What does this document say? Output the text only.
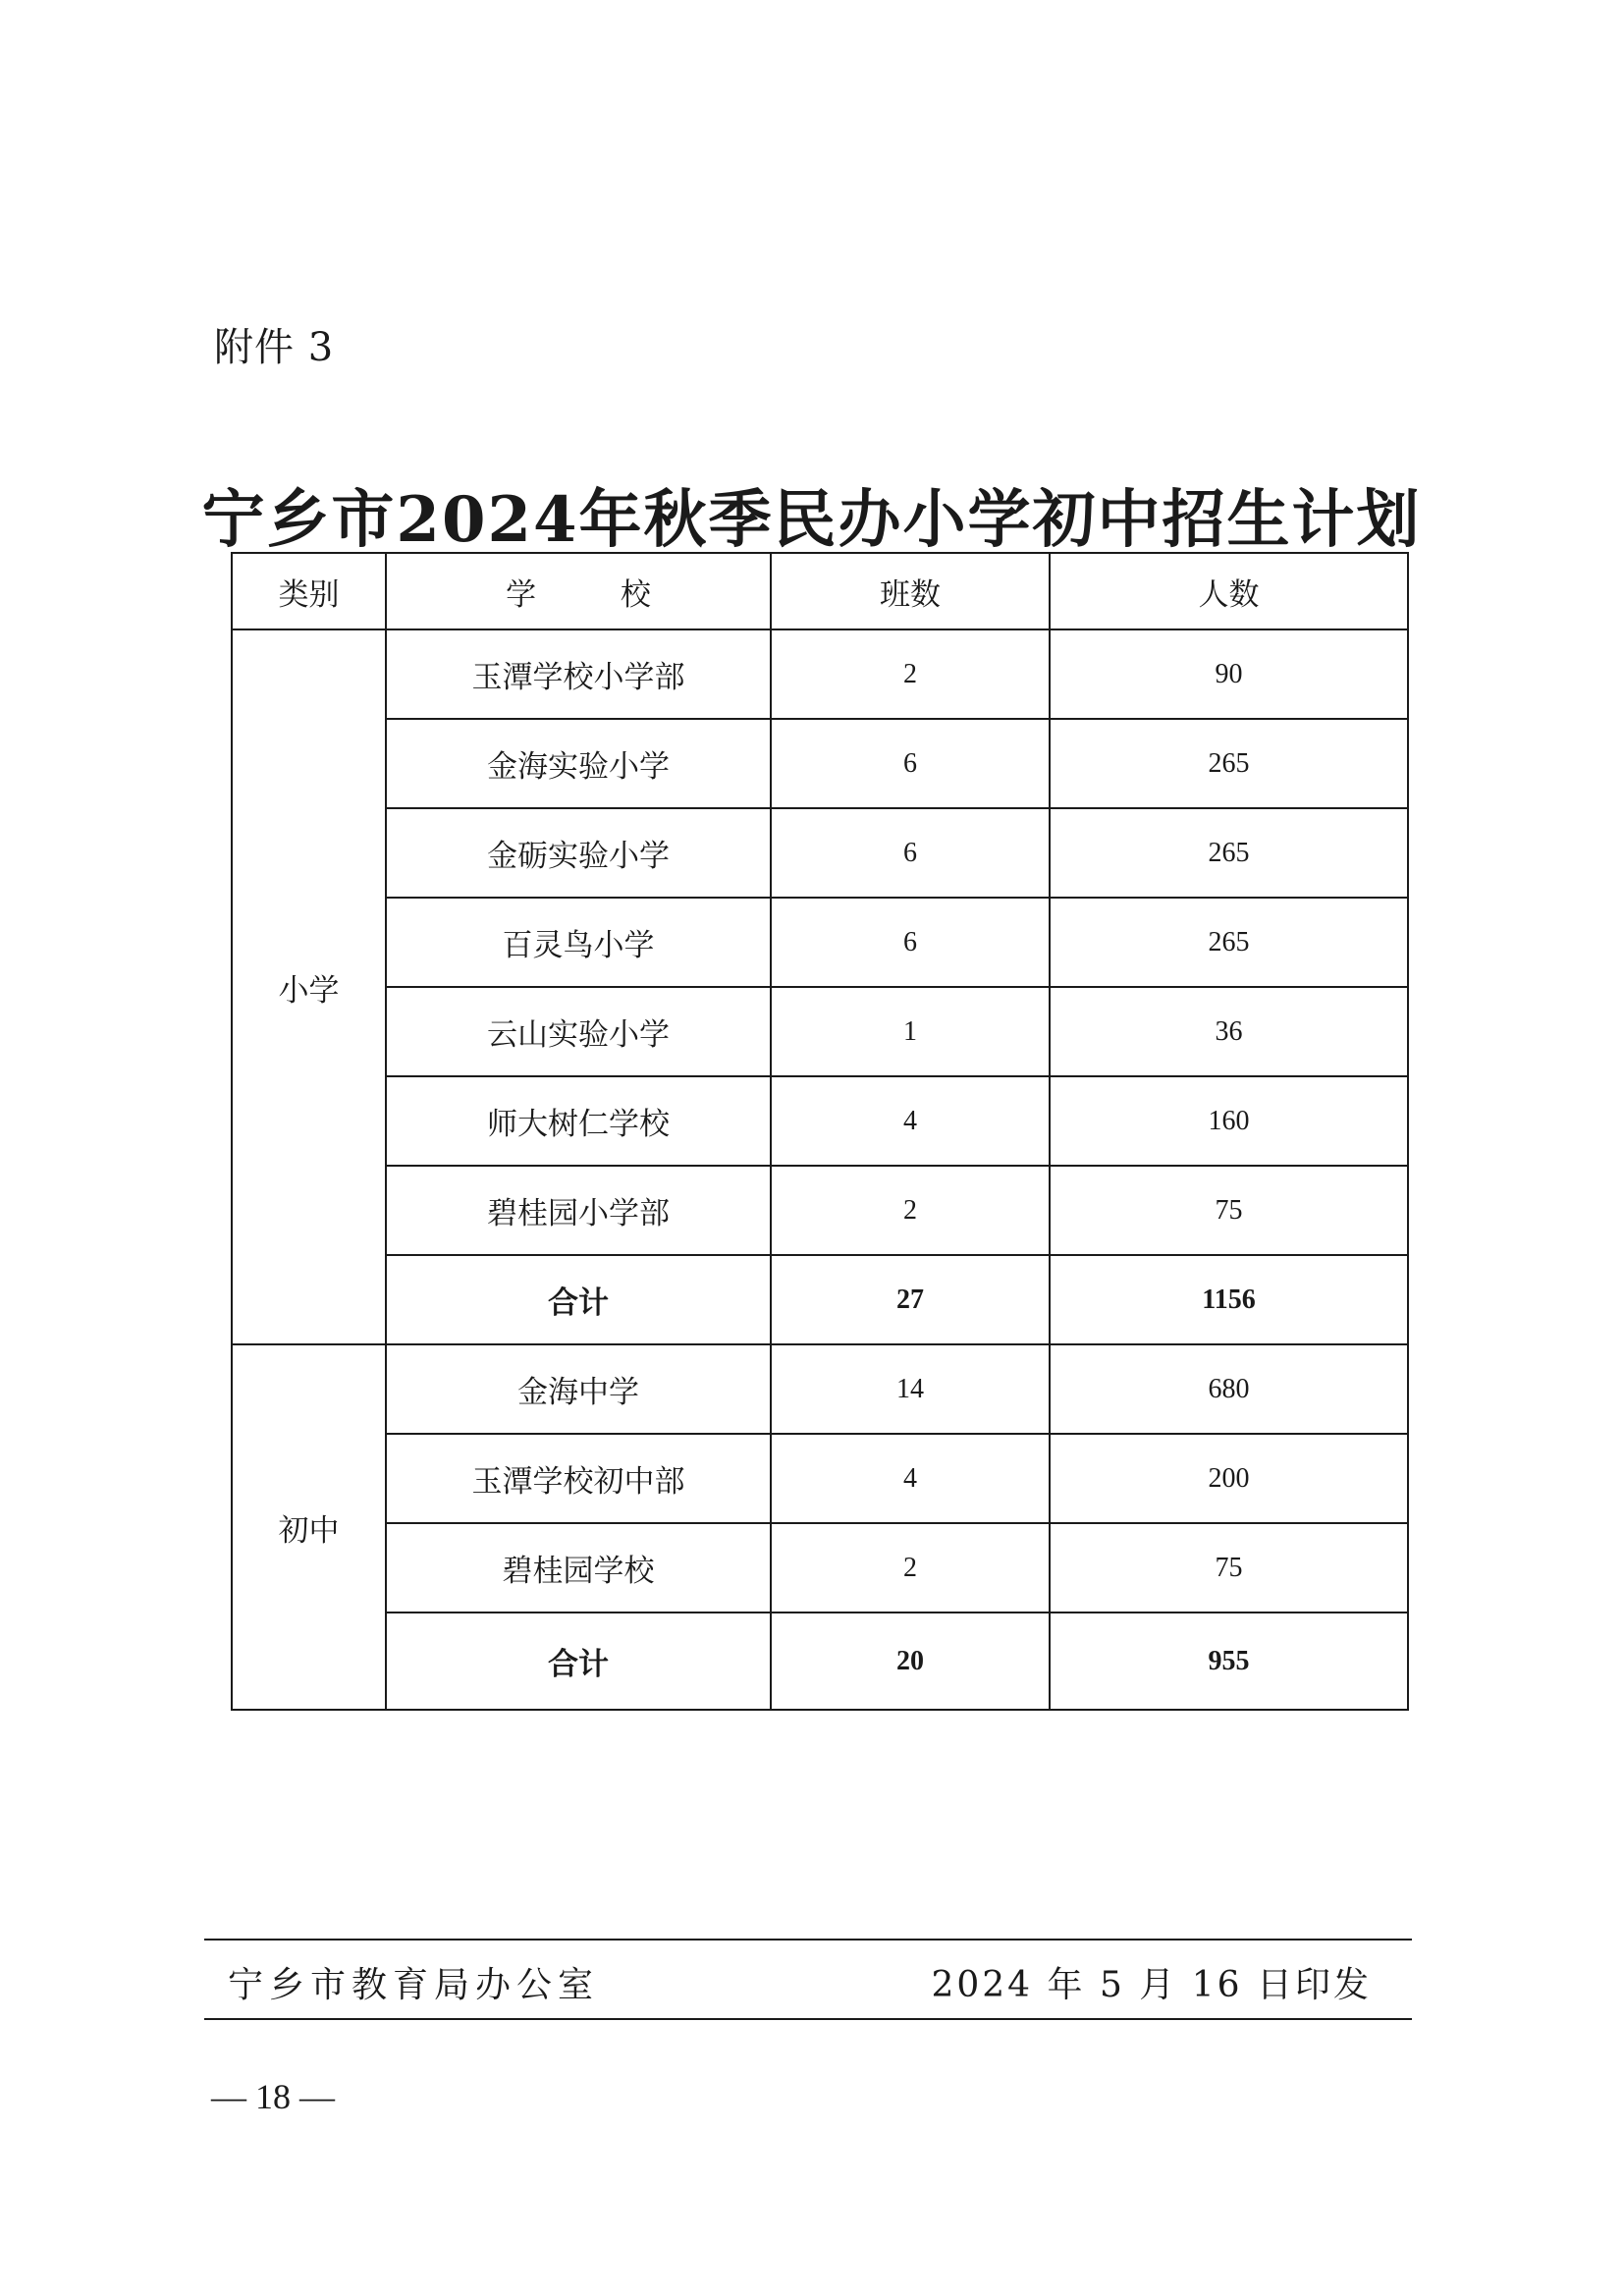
附件 3
宁乡市2024年秋季民办小学初中招生计划
类别	学 校	班数	人数
小学	玉潭学校小学部	2	90
	金海实验小学	6	265
	金砺实验小学	6	265
	百灵鸟小学	6	265
	云山实验小学	1	36
	师大树仁学校	4	160
	碧桂园小学部	2	75
	合计	27	1156
初中	金海中学	14	680
	玉潭学校初中部	4	200
	碧桂园学校	2	75
	合计	20	955
宁乡市教育局办公室	2024 年 5 月 16 日印发
— 18 —
